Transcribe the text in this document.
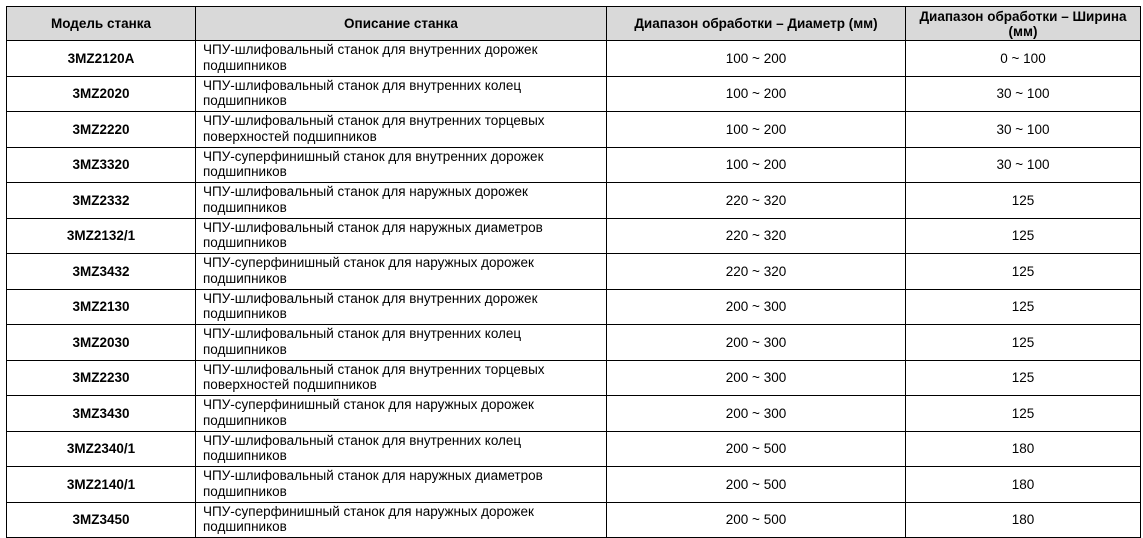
Модель станка	Описание станка	Диапазон обработки – Диаметр (мм)	Диапазон обработки – Ширина (мм)
3MZ2120A	ЧПУ-шлифовальный станок для внутренних дорожек подшипников	100 ~ 200	0 ~ 100
3MZ2020	ЧПУ-шлифовальный станок для внутренних колец подшипников	100 ~ 200	30 ~ 100
3MZ2220	ЧПУ-шлифовальный станок для внутренних торцевых поверхностей подшипников	100 ~ 200	30 ~ 100
3MZ3320	ЧПУ-суперфинишный станок для внутренних дорожек подшипников	100 ~ 200	30 ~ 100
3MZ2332	ЧПУ-шлифовальный станок для наружных дорожек подшипников	220 ~ 320	125
3MZ2132/1	ЧПУ-шлифовальный станок для наружных диаметров подшипников	220 ~ 320	125
3MZ3432	ЧПУ-суперфинишный станок для наружных дорожек подшипников	220 ~ 320	125
3MZ2130	ЧПУ-шлифовальный станок для внутренних дорожек подшипников	200 ~ 300	125
3MZ2030	ЧПУ-шлифовальный станок для внутренних колец подшипников	200 ~ 300	125
3MZ2230	ЧПУ-шлифовальный станок для внутренних торцевых поверхностей подшипников	200 ~ 300	125
3MZ3430	ЧПУ-суперфинишный станок для наружных дорожек подшипников	200 ~ 300	125
3MZ2340/1	ЧПУ-шлифовальный станок для внутренних колец подшипников	200 ~ 500	180
3MZ2140/1	ЧПУ-шлифовальный станок для наружных диаметров подшипников	200 ~ 500	180
3MZ3450	ЧПУ-суперфинишный станок для наружных дорожек подшипников	200 ~ 500	180
